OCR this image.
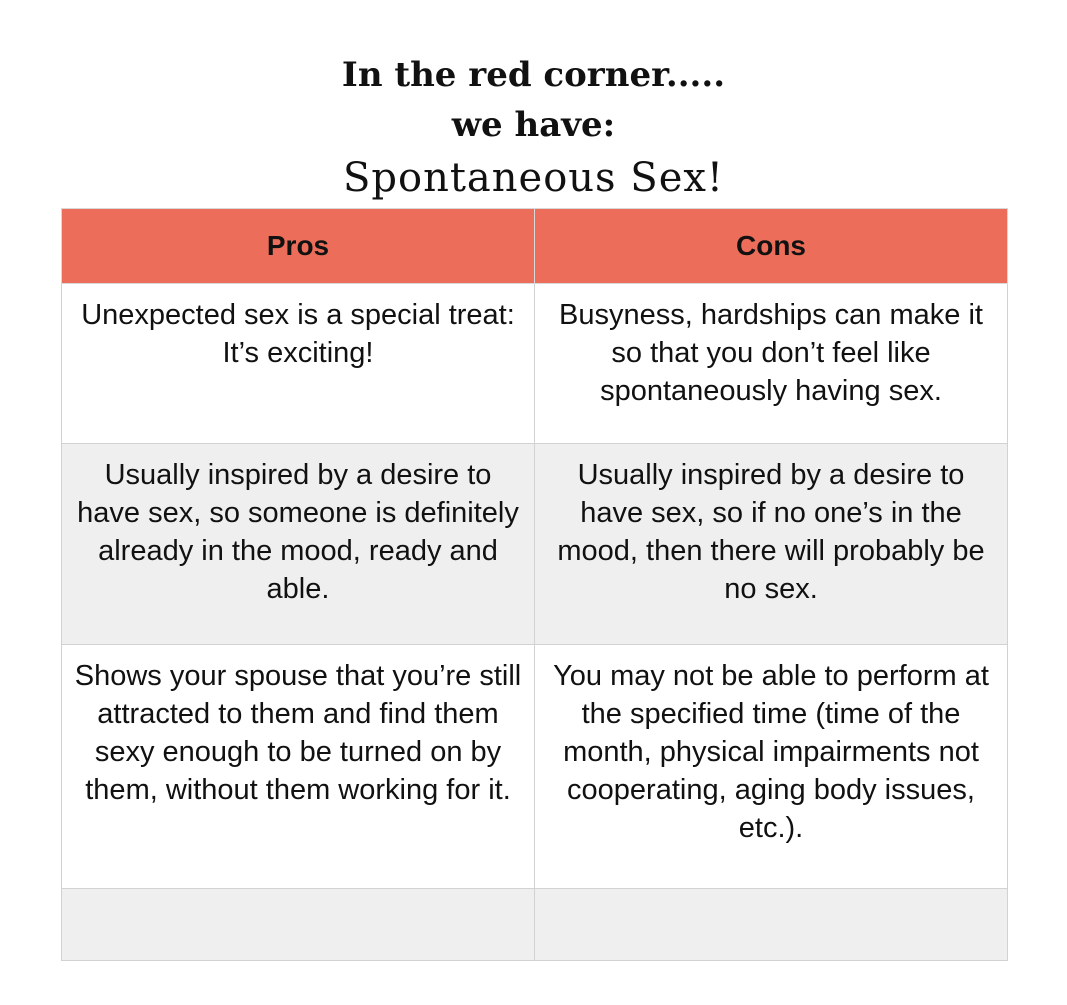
In the red corner.....
we have:
Spontaneous Sex!
Pros	Cons
Unexpected sex is a special treat: It’s exciting!	Busyness, hardships can make it so that you don’t feel like spontaneously having sex.
Usually inspired by a desire to have sex, so someone is definitely already in the mood, ready and able.	Usually inspired by a desire to have sex, so if no one’s in the mood, then there will probably be no sex.
Shows your spouse that you’re still attracted to them and find them sexy enough to be turned on by them, without them working for it.	You may not be able to perform at the specified time (time of the month, physical impairments not cooperating, aging body issues, etc.).
